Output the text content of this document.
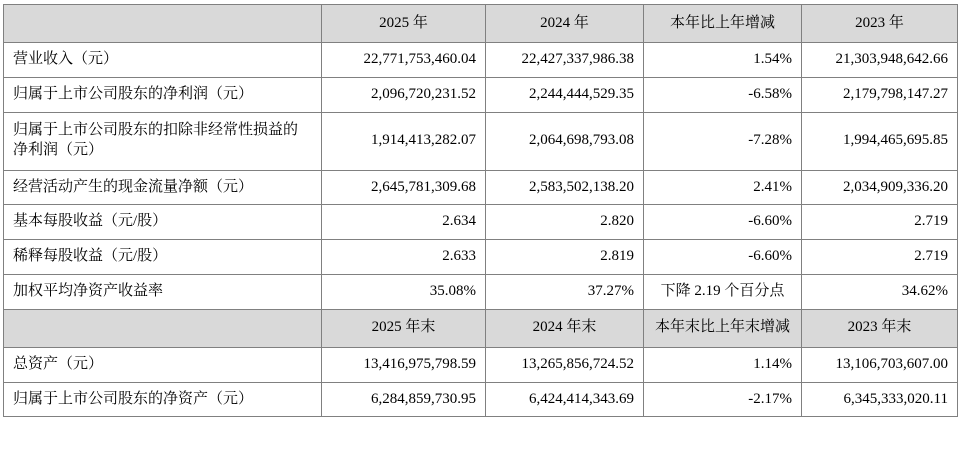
	2025 年	2024 年	本年比上年增减	2023 年
营业收入（元）	22,771,753,460.04	22,427,337,986.38	1.54%	21,303,948,642.66
归属于上市公司股东的净利润（元）	2,096,720,231.52	2,244,444,529.35	-6.58%	2,179,798,147.27
归属于上市公司股东的扣除非经常性损益的净利润（元）	1,914,413,282.07	2,064,698,793.08	-7.28%	1,994,465,695.85
经营活动产生的现金流量净额（元）	2,645,781,309.68	2,583,502,138.20	2.41%	2,034,909,336.20
基本每股收益（元/股）	2.634	2.820	-6.60%	2.719
稀释每股收益（元/股）	2.633	2.819	-6.60%	2.719
加权平均净资产收益率	35.08%	37.27%	下降 2.19 个百分点	34.62%
	2025 年末	2024 年末	本年末比上年末增减	2023 年末
总资产（元）	13,416,975,798.59	13,265,856,724.52	1.14%	13,106,703,607.00
归属于上市公司股东的净资产（元）	6,284,859,730.95	6,424,414,343.69	-2.17%	6,345,333,020.11
